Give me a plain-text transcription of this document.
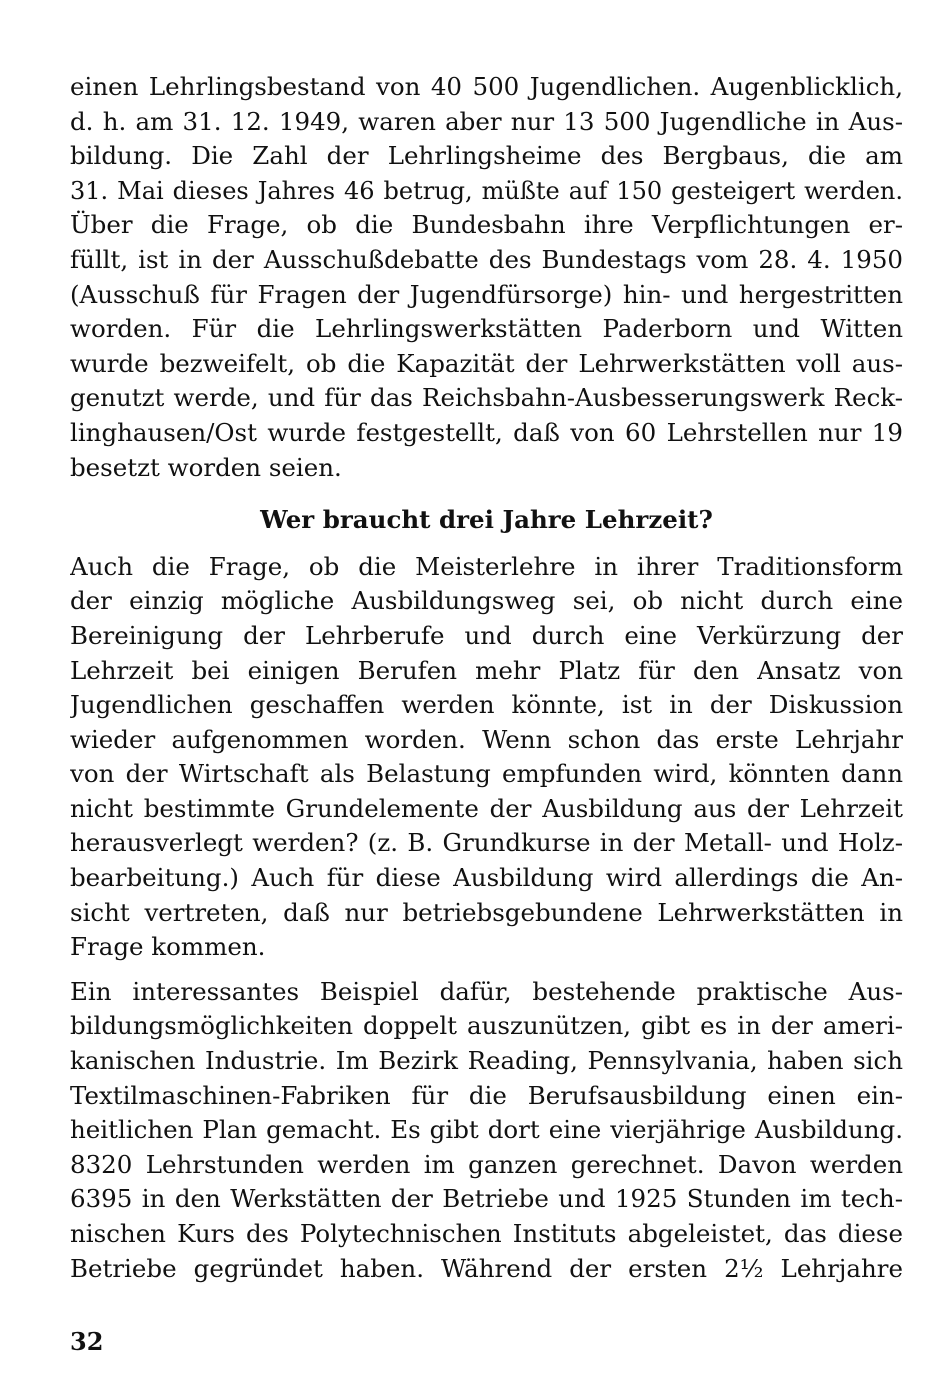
einen Lehrlingsbestand von 40 500 Jugendlichen. Augenblicklich,
d. h. am 31. 12. 1949, waren aber nur 13 500 Jugendliche in Aus-
bildung. Die Zahl der Lehrlingsheime des Bergbaus, die am
31. Mai dieses Jahres 46 betrug, müßte auf 150 gesteigert werden.
Über die Frage, ob die Bundesbahn ihre Verpflichtungen er-
füllt, ist in der Ausschußdebatte des Bundestags vom 28. 4. 1950
(Ausschuß für Fragen der Jugendfürsorge) hin- und hergestritten
worden. Für die Lehrlingswerkstätten Paderborn und Witten
wurde bezweifelt, ob die Kapazität der Lehrwerkstätten voll aus-
genutzt werde, und für das Reichsbahn-Ausbesserungswerk Reck-
linghausen/Ost wurde festgestellt, daß von 60 Lehrstellen nur 19
besetzt worden seien.
Wer braucht drei Jahre Lehrzeit?
Auch die Frage, ob die Meisterlehre in ihrer Traditionsform
der einzig mögliche Ausbildungsweg sei, ob nicht durch eine
Bereinigung der Lehrberufe und durch eine Verkürzung der
Lehrzeit bei einigen Berufen mehr Platz für den Ansatz von
Jugendlichen geschaffen werden könnte, ist in der Diskussion
wieder aufgenommen worden. Wenn schon das erste Lehrjahr
von der Wirtschaft als Belastung empfunden wird, könnten dann
nicht bestimmte Grundelemente der Ausbildung aus der Lehrzeit
herausverlegt werden? (z. B. Grundkurse in der Metall- und Holz-
bearbeitung.) Auch für diese Ausbildung wird allerdings die An-
sicht vertreten, daß nur betriebsgebundene Lehrwerkstätten in
Frage kommen.
Ein interessantes Beispiel dafür, bestehende praktische Aus-
bildungsmöglichkeiten doppelt auszunützen, gibt es in der ameri-
kanischen Industrie. Im Bezirk Reading, Pennsylvania, haben sich
Textilmaschinen-Fabriken für die Berufsausbildung einen ein-
heitlichen Plan gemacht. Es gibt dort eine vierjährige Ausbildung.
8320 Lehrstunden werden im ganzen gerechnet. Davon werden
6395 in den Werkstätten der Betriebe und 1925 Stunden im tech-
nischen Kurs des Polytechnischen Instituts abgeleistet, das diese
Betriebe gegründet haben. Während der ersten 2½ Lehrjahre
32
